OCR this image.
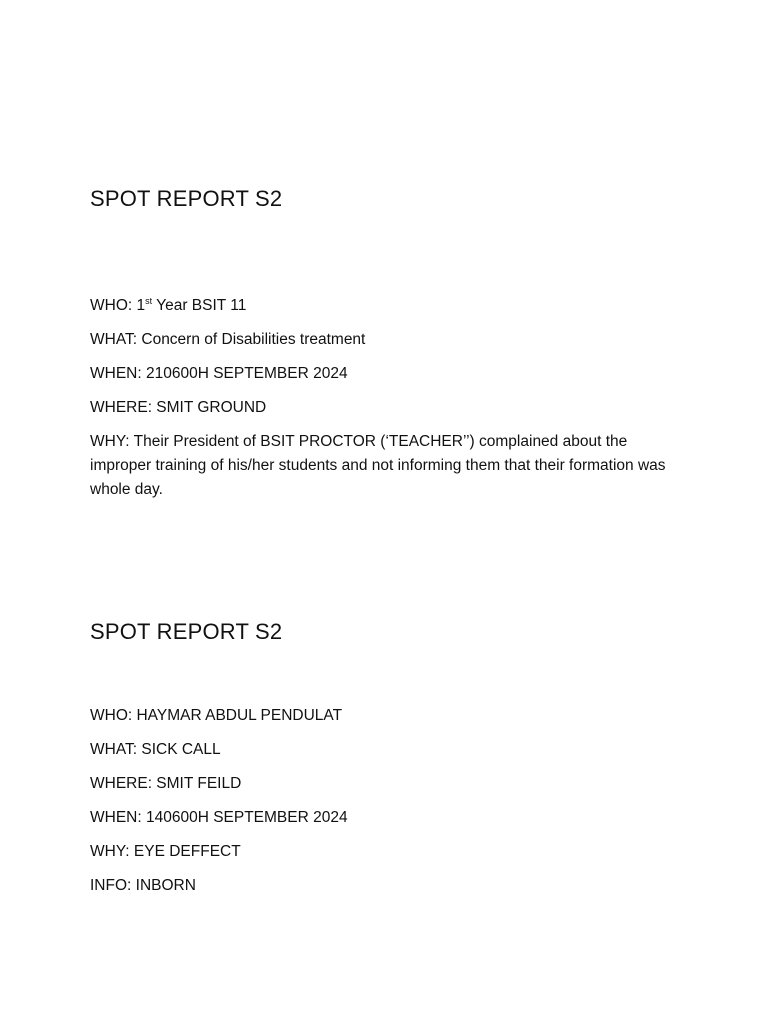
SPOT REPORT S2

WHO: 1st Year BSIT 11

WHAT: Concern of Disabilities treatment

WHEN: 210600H SEPTEMBER 2024

WHERE: SMIT GROUND

WHY: Their President of BSIT PROCTOR (‘TEACHER’’) complained about the improper training of his/her students and not informing them that their formation was whole day.

SPOT REPORT S2

WHO: HAYMAR ABDUL PENDULAT

WHAT: SICK CALL

WHERE: SMIT FEILD

WHEN: 140600H SEPTEMBER 2024

WHY: EYE DEFFECT

INFO: INBORN
